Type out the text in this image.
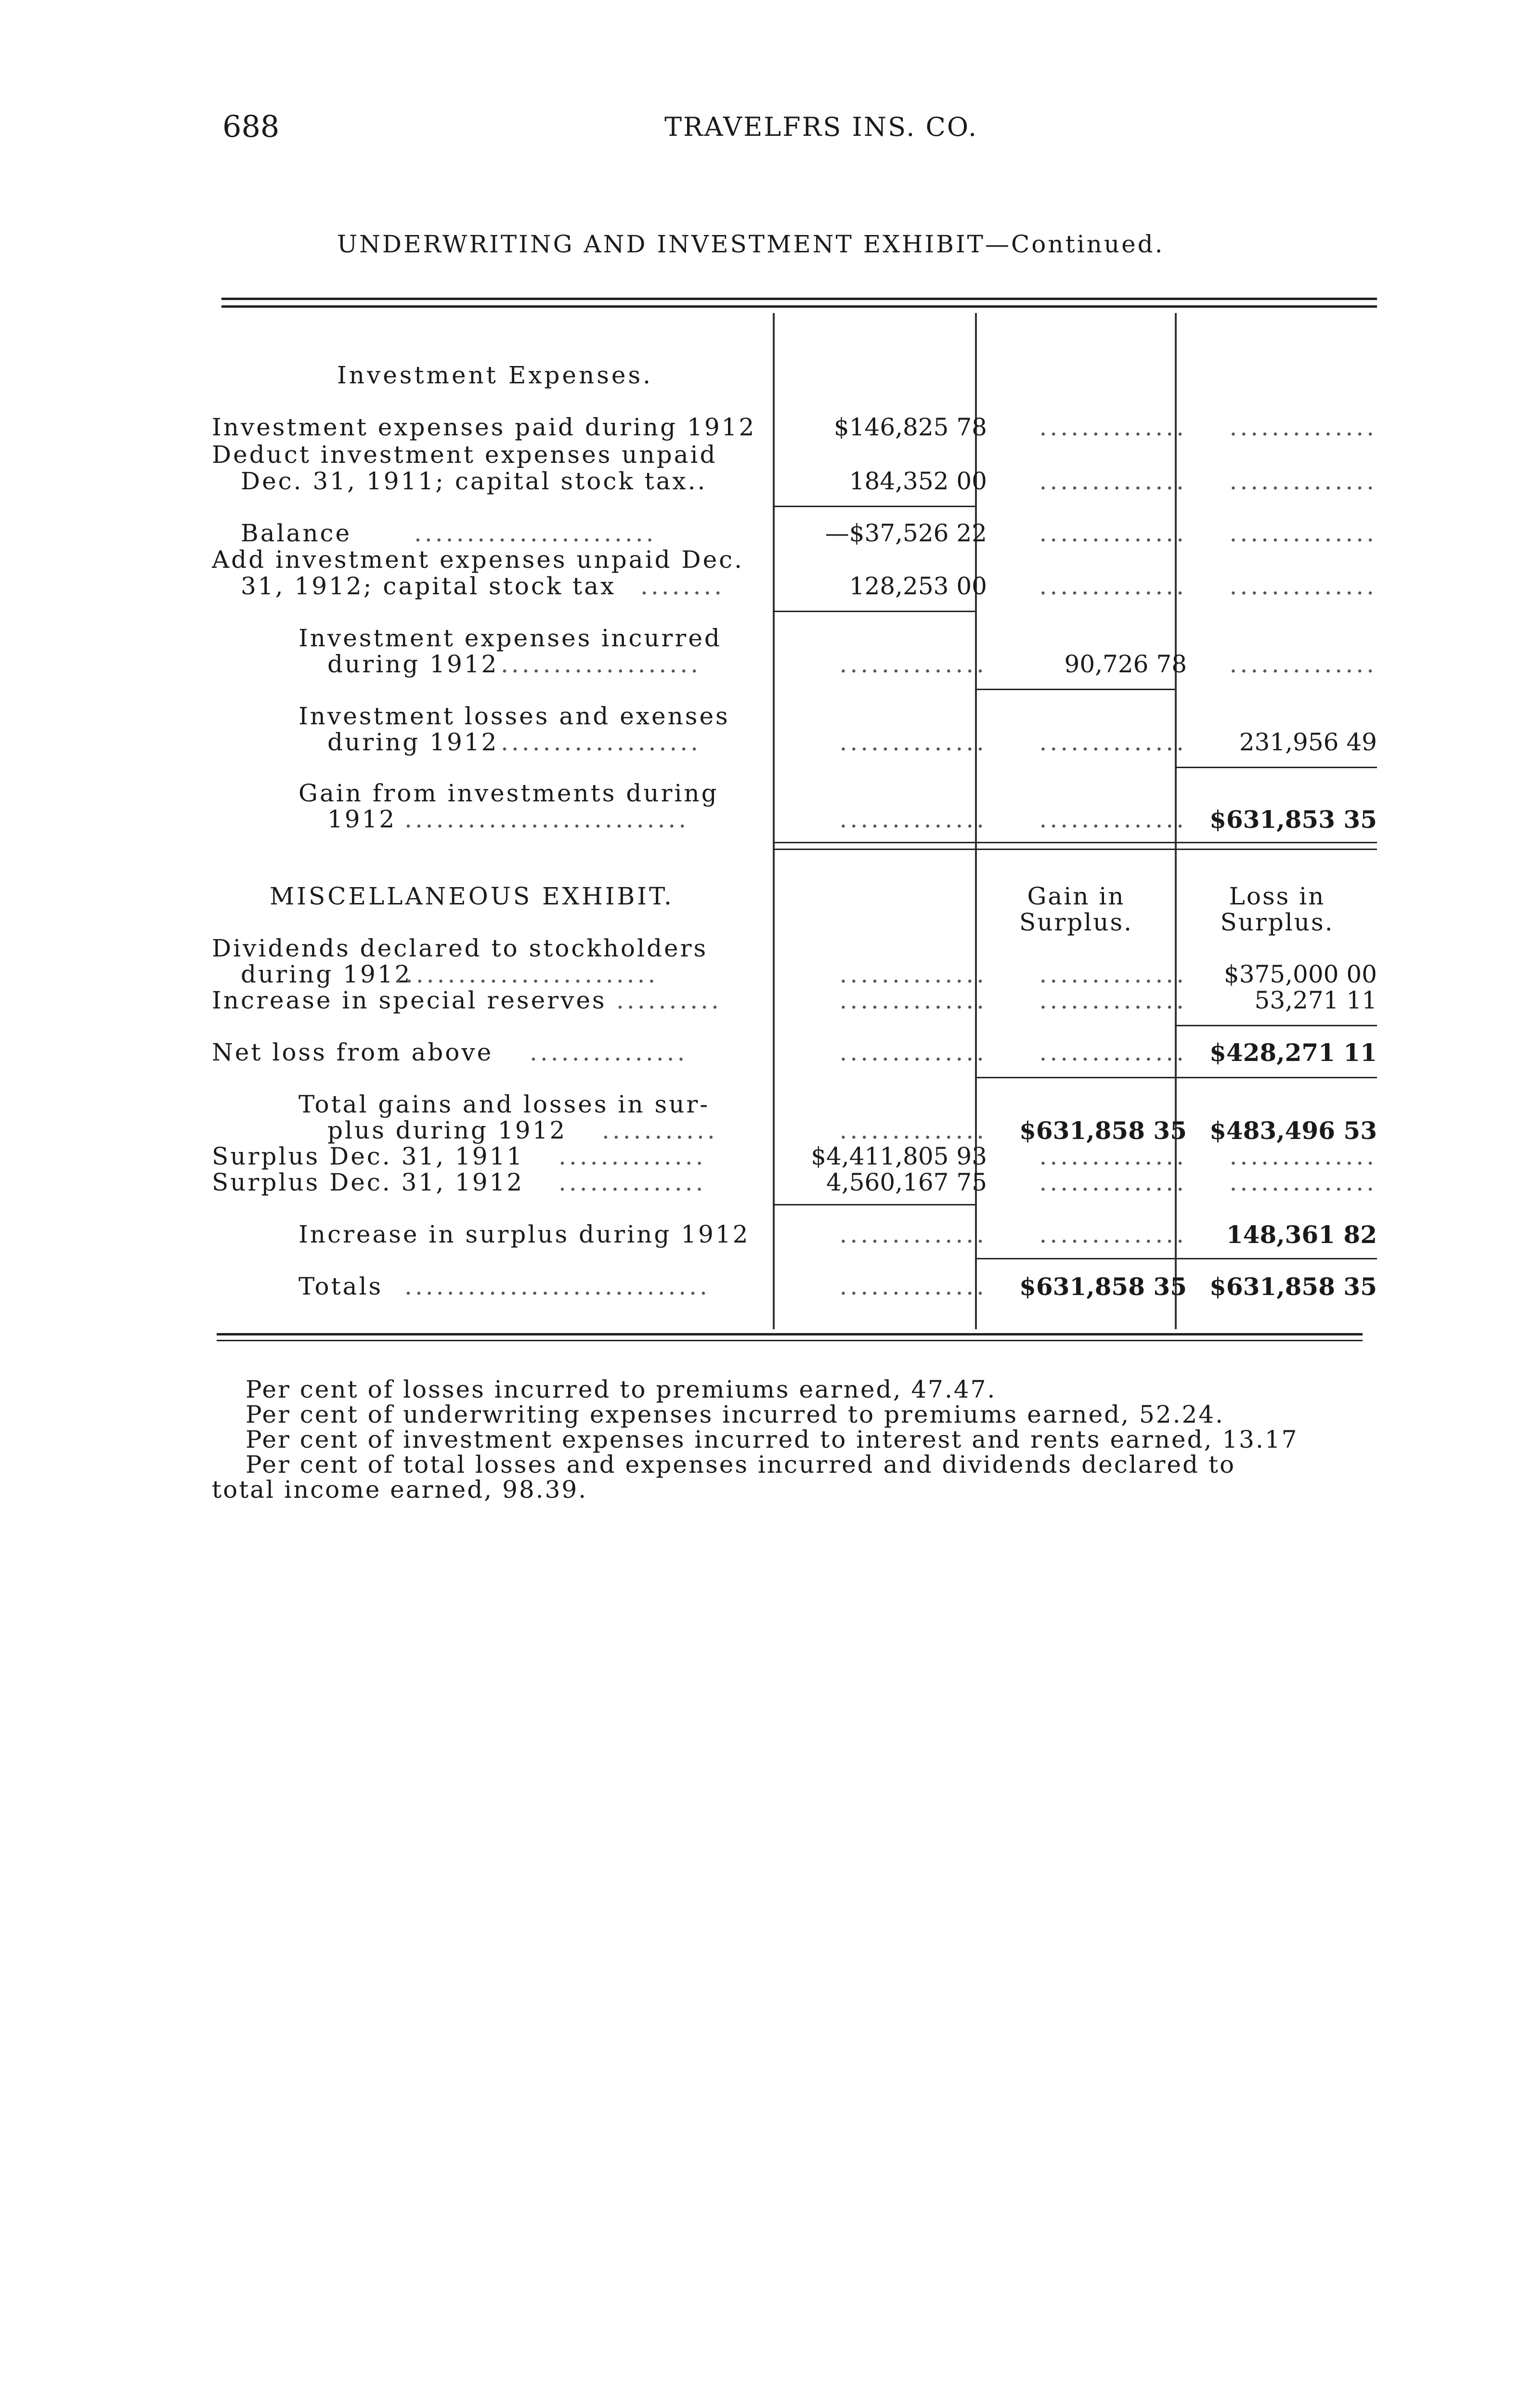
688	TRAVELFRS INS. CO.
UNDERWRITING AND INVESTMENT EXHIBIT—Continued.
Investment Expenses.
Investment expenses paid during 1912	$146,825 78	..............	..............
Deduct investment expenses unpaid
Dec. 31, 1911; capital stock tax..	184,352 00	..............	..............
Balance	.......................	—$37,526 22	..............	..............
Add investment expenses unpaid Dec.
31, 1912; capital stock tax ........	128,253 00	..............	..............
Investment expenses incurred
during 1912 ...................	..............	90,726 78	..............
Investment losses and exenses
during 1912 ...................	..............	..............	231,956 49
Gain from investments during
1912 ...........................	..............	.............. $631,853 35
MISCELLANEOUS EXHIBIT.	Gain in
Surplus.
Loss in
Surplus.
Dividends declared to stockholders
during 1912
.........................	..............	..............	$375,000 00
Increase in special reserves ..........	..............	..............	53,271 11
Net loss from above ...............	..............	.............. $428,271 11
Total gains and losses in sur-
plus during 1912 ...........	..............	$631,858 35 $483,496 53
Surplus Dec. 31, 1911 ..............	$4,411,805 93	..............	..............
Surplus Dec. 31, 1912 ..............	4,560,167 75	..............	..............
Increase in surplus during 1912	..............	..............	148,361 82
Totals .............................	..............	$631,858 35 $631,858 35
Per cent of losses incurred to premiums earned, 47.47.
Per cent of underwriting expenses incurred to premiums earned, 52.24.
Per cent of investment expenses incurred to interest and rents earned, 13.17
Per cent of total losses and expenses incurred and dividends declared to
total income earned, 98.39.
